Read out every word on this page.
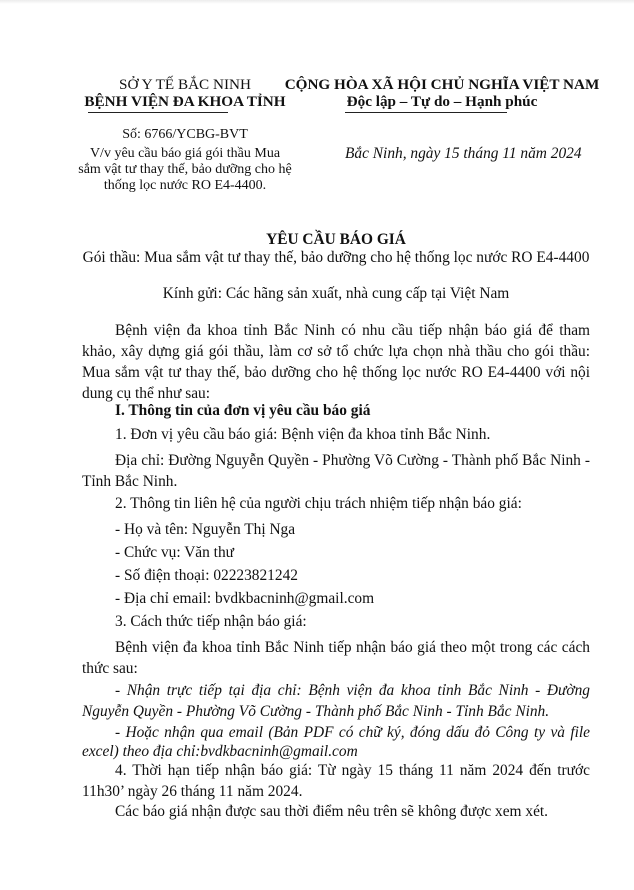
SỞ Y TẾ BẮC NINH
BỆNH VIỆN ĐA KHOA TỈNH
Số: 6766/YCBG-BVT
V/v yêu cầu báo giá gói thầu Mua
sắm vật tư thay thế, bảo dưỡng cho hệ
thống lọc nước RO E4-4400.
CỘNG HÒA XÃ HỘI CHỦ NGHĨA VIỆT NAM
Độc lập – Tự do – Hạnh phúc
Bắc Ninh, ngày 15 tháng 11 năm 2024
YÊU CẦU BÁO GIÁ
Gói thầu: Mua sắm vật tư thay thế, bảo dưỡng cho hệ thống lọc nước RO E4-4400
Kính gửi: Các hãng sản xuất, nhà cung cấp tại Việt Nam
Bệnh viện đa khoa tỉnh Bắc Ninh có nhu cầu tiếp nhận báo giá để tham khảo, xây dựng giá gói thầu, làm cơ sở tổ chức lựa chọn nhà thầu cho gói thầu: Mua sắm vật tư thay thế, bảo dưỡng cho hệ thống lọc nước RO E4-4400 với nội dung cụ thể như sau:
I. Thông tin của đơn vị yêu cầu báo giá
1. Đơn vị yêu cầu báo giá: Bệnh viện đa khoa tỉnh Bắc Ninh.
Địa chỉ: Đường Nguyễn Quyền - Phường Võ Cường - Thành phố Bắc Ninh - Tỉnh Bắc Ninh.
2. Thông tin liên hệ của người chịu trách nhiệm tiếp nhận báo giá:
- Họ và tên: Nguyễn Thị Nga
- Chức vụ: Văn thư
- Số điện thoại: 02223821242
- Địa chỉ email: bvdkbacninh@gmail.com
3. Cách thức tiếp nhận báo giá:
Bệnh viện đa khoa tỉnh Bắc Ninh tiếp nhận báo giá theo một trong các cách thức sau:
- Nhận trực tiếp tại địa chỉ: Bệnh viện đa khoa tỉnh Bắc Ninh - Đường Nguyễn Quyền - Phường Võ Cường - Thành phố Bắc Ninh - Tỉnh Bắc Ninh.
- Hoặc nhận qua email (Bản PDF có chữ ký, đóng dấu đỏ Công ty và file excel) theo địa chỉ:bvdkbacninh@gmail.com
4. Thời hạn tiếp nhận báo giá: Từ ngày 15 tháng 11 năm 2024 đến trước 11h30’ ngày 26 tháng 11 năm 2024.
Các báo giá nhận được sau thời điểm nêu trên sẽ không được xem xét.
